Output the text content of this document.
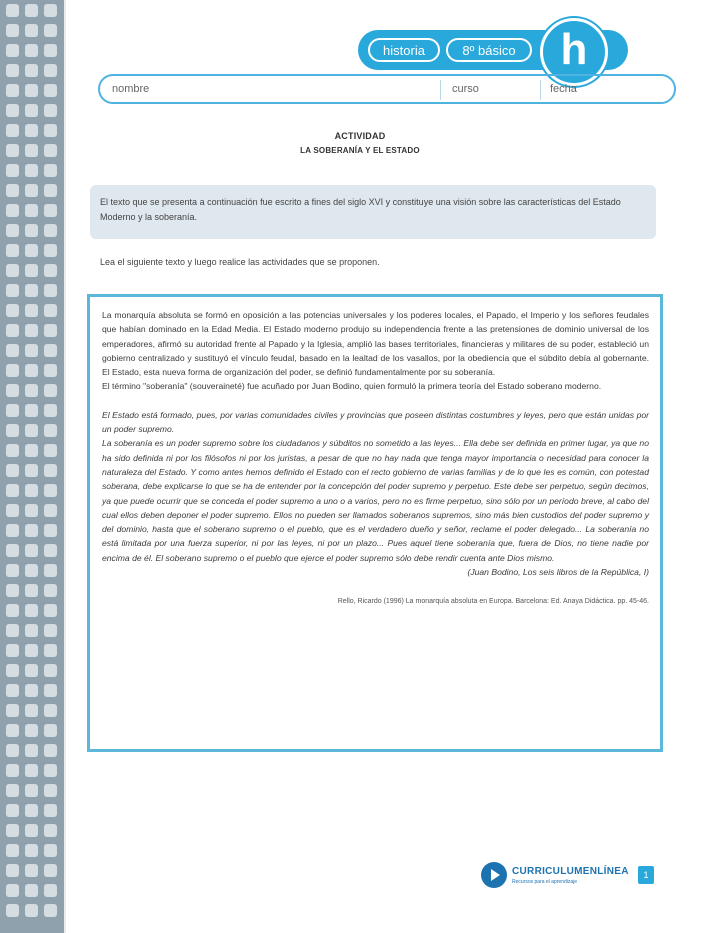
historia	8º básico	h
nombre	curso	fecha
ACTIVIDAD
LA SOBERANÍA Y EL ESTADO
El texto que se presenta a continuación fue escrito a fines del siglo XVI y constituye una visión sobre las características del Estado Moderno y la soberanía.
Lea el siguiente texto y luego realice las actividades que se proponen.

La monarquía absoluta se formó en oposición a las potencias universales y los poderes locales, el Papado, el Imperio y los señores feudales que habían dominado en la Edad Media. El Estado moderno produjo su independencia frente a las pretensiones de dominio universal de los emperadores, afirmó su autoridad frente al Papado y la Iglesia, amplió las bases territoriales, financieras y militares de su poder, estableció un gobierno centralizado y sustituyó el vínculo feudal, basado en la lealtad de los vasallos, por la obediencia que el súbdito debía al gobernante. El Estado, esta nueva forma de organización del poder, se definió fundamentalmente por su soberanía.

El término "soberanía" (souveraineté) fue acuñado por Juan Bodino, quien formuló la primera teoría del Estado soberano moderno.

El Estado está formado, pues, por varias comunidades civiles y provincias que poseen distintas costumbres y leyes, pero que están unidas por un poder supremo.

La soberanía es un poder supremo sobre los ciudadanos y súbditos no sometido a las leyes... Ella debe ser definida en primer lugar, ya que no ha sido definida ni por los filósofos ni por los juristas, a pesar de que no hay nada que tenga mayor importancia o necesidad para conocer la naturaleza del Estado. Y como antes hemos definido el Estado con el recto gobierno de varias familias y de lo que les es común, con potestad soberana, debe explicarse lo que se ha de entender por la concepción del poder supremo y perpetuo. Este debe ser perpetuo, según decimos, ya que puede ocurrir que se conceda el poder supremo a uno o a varios, pero no es firme perpetuo, sino sólo por un período breve, al cabo del cual ellos deben deponer el poder supremo. Ellos no pueden ser llamados soberanos supremos, sino más bien custodios del poder supremo y del dominio, hasta que el soberano supremo o el pueblo, que es el verdadero dueño y señor, reclame el poder delegado... La soberanía no está limitada por una fuerza superior, ni por las leyes, ni por un plazo... Pues aquel tiene soberanía que, fuera de Dios, no tiene nadie por encima de él. El soberano supremo o el pueblo que ejerce el poder supremo sólo debe rendir cuenta ante Dios mismo.

(Juan Bodino, Los seis libros de la República, I)

Rello, Ricardo (1996) La monarquía absoluta en Europa. Barcelona: Ed. Anaya Didáctica. pp. 45-46.

CURRICULUMENLÍNEA
Recursos para el aprendizaje
1
